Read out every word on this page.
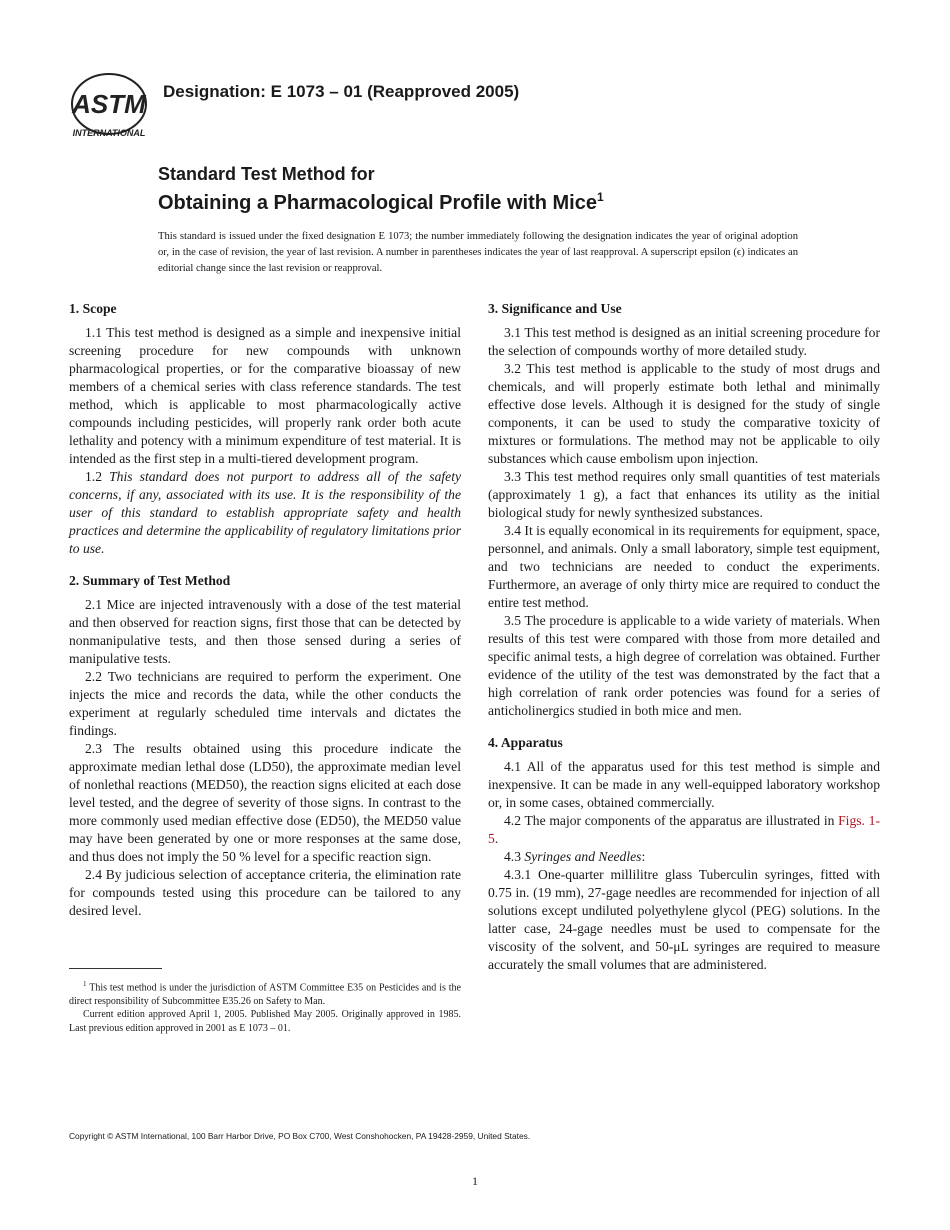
ASTM
INTERNATIONAL
Designation: E 1073 – 01 (Reapproved 2005)
Standard Test Method for
Obtaining a Pharmacological Profile with Mice$^1$
This standard is issued under the fixed designation E 1073; the number immediately following the designation indicates the year of original adoption or, in the case of revision, the year of last revision. A number in parentheses indicates the year of last reapproval. A superscript epsilon (ϵ) indicates an editorial change since the last revision or reapproval.
1. Scope

1.1 This test method is designed as a simple and inexpensive initial screening procedure for new compounds with unknown pharmacological properties, or for the comparative bioassay of new members of a chemical series with class reference standards. The test method, which is applicable to most pharmacologically active compounds including pesticides, will properly rank order both acute lethality and potency with a minimum expenditure of test material. It is intended as the first step in a multi-tiered development program.

1.2 This standard does not purport to address all of the safety concerns, if any, associated with its use. It is the responsibility of the user of this standard to establish appropriate safety and health practices and determine the applicability of regulatory limitations prior to use.

2. Summary of Test Method

2.1 Mice are injected intravenously with a dose of the test material and then observed for reaction signs, first those that can be detected by nonmanipulative tests, and then those sensed during a series of manipulative tests.

2.2 Two technicians are required to perform the experiment. One injects the mice and records the data, while the other conducts the experiment at regularly scheduled time intervals and dictates the findings.

2.3 The results obtained using this procedure indicate the approximate median lethal dose (LD50), the approximate median level of nonlethal reactions (MED50), the reaction signs elicited at each dose level tested, and the degree of severity of those signs. In contrast to the more commonly used median effective dose (ED50), the MED50 value may have been generated by one or more responses at the same dose, and thus does not imply the 50 % level for a specific reaction sign.

2.4 By judicious selection of acceptance criteria, the elimination rate for compounds tested using this procedure can be tailored to any desired level.

$^1$ This test method is under the jurisdiction of ASTM Committee E35 on Pesticides and is the direct responsibility of Subcommittee E35.26 on Safety to Man.

Current edition approved April 1, 2005. Published May 2005. Originally approved in 1985. Last previous edition approved in 2001 as E 1073 – 01.

3. Significance and Use

3.1 This test method is designed as an initial screening procedure for the selection of compounds worthy of more detailed study.

3.2 This test method is applicable to the study of most drugs and chemicals, and will properly estimate both lethal and minimally effective dose levels. Although it is designed for the study of single components, it can be used to study the comparative toxicity of mixtures or formulations. The method may not be applicable to oily substances which cause embolism upon injection.

3.3 This test method requires only small quantities of test materials (approximately 1 g), a fact that enhances its utility as the initial biological study for newly synthesized substances.

3.4 It is equally economical in its requirements for equipment, space, personnel, and animals. Only a small laboratory, simple test equipment, and two technicians are needed to conduct the experiments. Furthermore, an average of only thirty mice are required to conduct the entire test method.

3.5 The procedure is applicable to a wide variety of materials. When results of this test were compared with those from more detailed and specific animal tests, a high degree of correlation was obtained. Further evidence of the utility of the test was demonstrated by the fact that a high correlation of rank order potencies was found for a series of anticholinergics studied in both mice and men.

4. Apparatus

4.1 All of the apparatus used for this test method is simple and inexpensive. It can be made in any well-equipped laboratory workshop or, in some cases, obtained commercially.

4.2 The major components of the apparatus are illustrated in Figs. 1-5.

4.3 Syringes and Needles:

4.3.1 One-quarter millilitre glass Tuberculin syringes, fitted with 0.75 in. (19 mm), 27-gage needles are recommended for injection of all solutions except undiluted polyethylene glycol (PEG) solutions. In the latter case, 24-gage needles must be used to compensate for the viscosity of the solvent, and 50-μL syringes are required to measure accurately the small volumes that are administered.

Copyright © ASTM International, 100 Barr Harbor Drive, PO Box C700, West Conshohocken, PA 19428-2959, United States.
1
